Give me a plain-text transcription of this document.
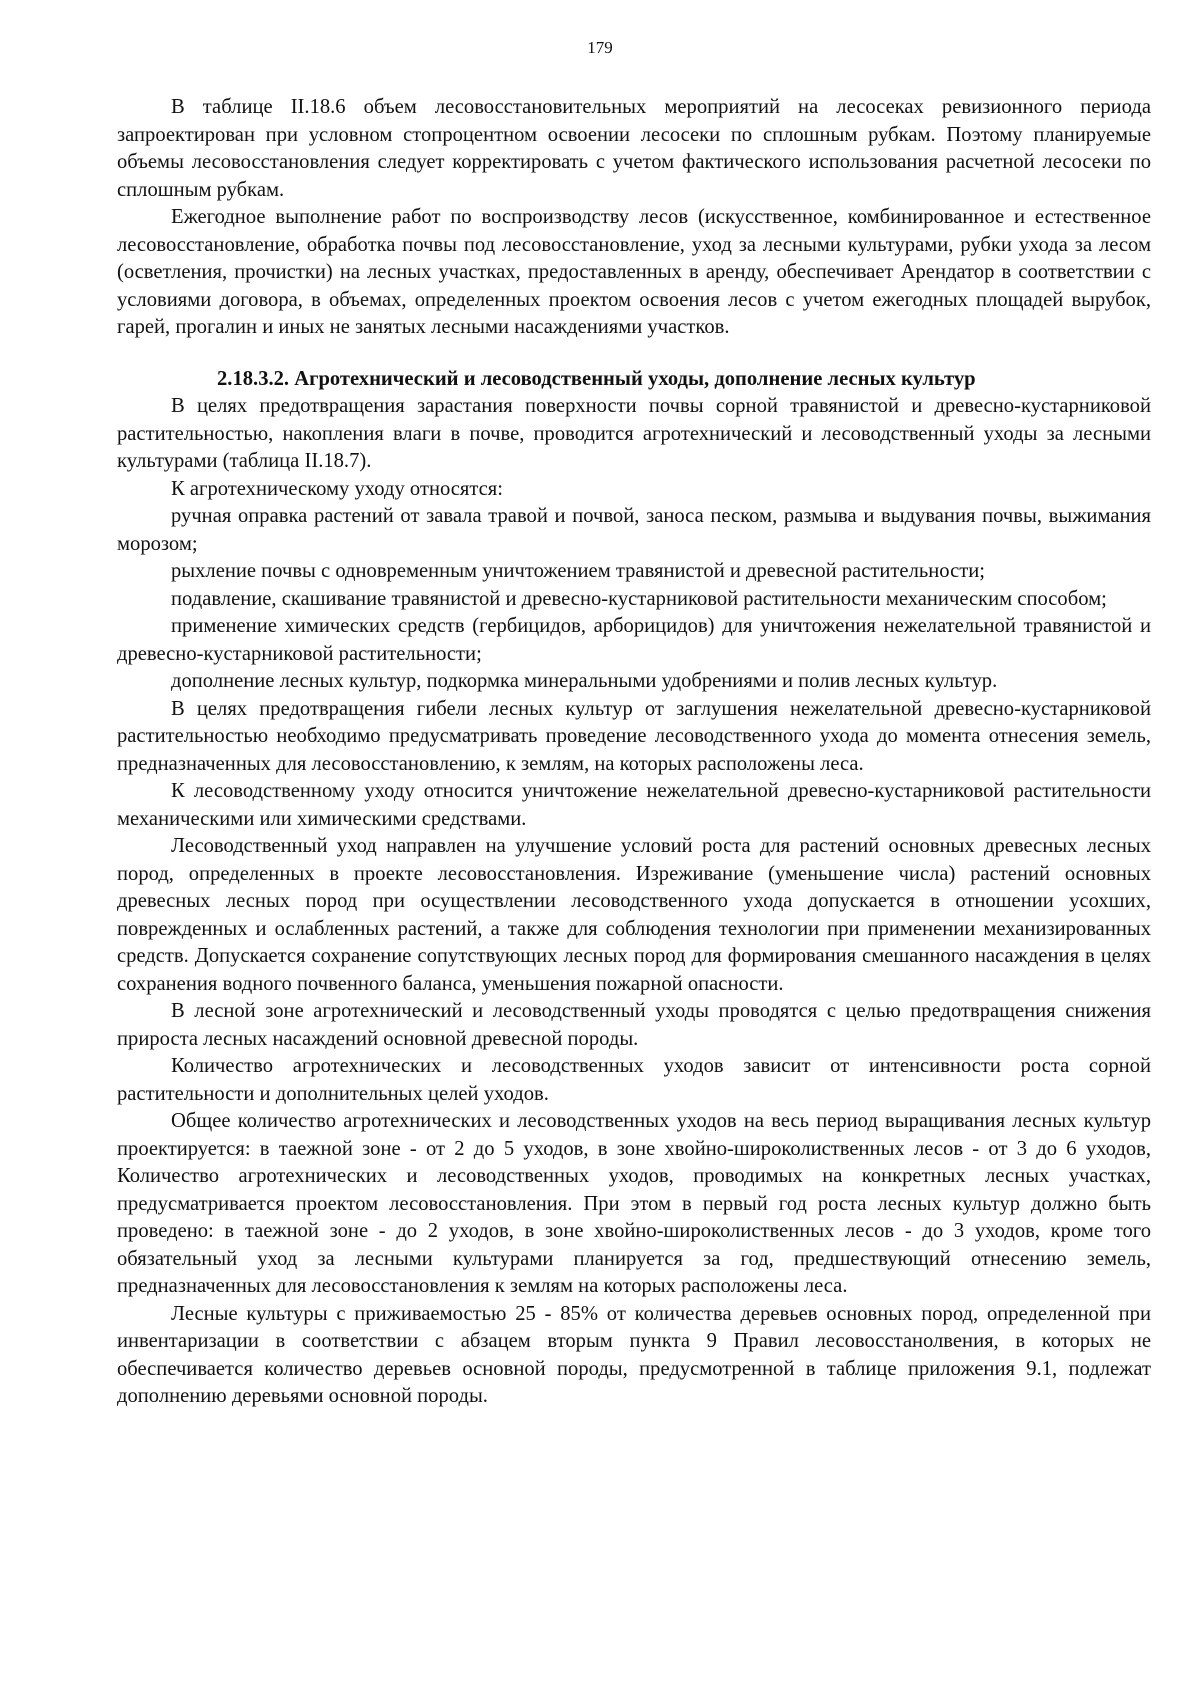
179

В таблице II.18.6 объем лесовосстановительных мероприятий на лесосеках ревизионного периода запроектирован при условном стопроцентном освоении лесосеки по сплошным рубкам. Поэтому планируемые объемы лесовосстановления следует корректировать с учетом фактического использования расчетной лесосеки по сплошным рубкам.

Ежегодное выполнение работ по воспроизводству лесов (искусственное, комбинированное и естественное лесовосстановление, обработка почвы под лесовосстановление, уход за лесными культурами, рубки ухода за лесом (осветления, прочистки) на лесных участках, предоставленных в аренду, обеспечивает Арендатор в соответствии с условиями договора, в объемах, определенных проектом освоения лесов с учетом ежегодных площадей вырубок, гарей, прогалин и иных не занятых лесными насаждениями участков.

2.18.3.2. Агротехнический и лесоводственный уходы, дополнение лесных культур

В целях предотвращения зарастания поверхности почвы сорной травянистой и древесно-кустарниковой растительностью, накопления влаги в почве, проводится агротехнический и лесоводственный уходы за лесными культурами (таблица II.18.7).

К агротехническому уходу относятся:

ручная оправка растений от завала травой и почвой, заноса песком, размыва и выдувания почвы, выжимания морозом;

рыхление почвы с одновременным уничтожением травянистой и древесной растительности;

подавление, скашивание травянистой и древесно-кустарниковой растительности механическим способом;

применение химических средств (гербицидов, арборицидов) для уничтожения нежелательной травянистой и древесно-кустарниковой растительности;

дополнение лесных культур, подкормка минеральными удобрениями и полив лесных культур.

В целях предотвращения гибели лесных культур от заглушения нежелательной древесно-кустарниковой растительностью необходимо предусматривать проведение лесоводственного ухода до момента отнесения земель, предназначенных для лесовосстановлению, к землям, на которых расположены леса.

К лесоводственному уходу относится уничтожение нежелательной древесно-кустарниковой растительности механическими или химическими средствами.

Лесоводственный уход направлен на улучшение условий роста для растений основных древесных лесных пород, определенных в проекте лесовосстановления. Изреживание (уменьшение числа) растений основных древесных лесных пород при осуществлении лесоводственного ухода допускается в отношении усохших, поврежденных и ослабленных растений, а также для соблюдения технологии при применении механизированных средств. Допускается сохранение сопутствующих лесных пород для формирования смешанного насаждения в целях сохранения водного почвенного баланса, уменьшения пожарной опасности.

В лесной зоне агротехнический и лесоводственный уходы проводятся с целью предотвращения снижения прироста лесных насаждений основной древесной породы.

Количество агротехнических и лесоводственных уходов зависит от интенсивности роста сорной растительности и дополнительных целей уходов.

Общее количество агротехнических и лесоводственных уходов на весь период выращивания лесных культур проектируется: в таежной зоне - от 2 до 5 уходов, в зоне хвойно-широколиственных лесов - от 3 до 6 уходов, Количество агротехнических и лесоводственных уходов, проводимых на конкретных лесных участках, предусматривается проектом лесовосстановления. При этом в первый год роста лесных культур должно быть проведено: в таежной зоне - до 2 уходов, в зоне хвойно-широколиственных лесов - до 3 уходов, кроме того обязательный уход за лесными культурами планируется за год, предшествующий отнесению земель, предназначенных для лесовосстановления к землям на которых расположены леса.

Лесные культуры с приживаемостью 25 - 85% от количества деревьев основных пород, определенной при инвентаризации в соответствии с абзацем вторым пункта 9 Правил лесовосстанолвения, в которых не обеспечивается количество деревьев основной породы, предусмотренной в таблице приложения 9.1, подлежат дополнению деревьями основной породы.
